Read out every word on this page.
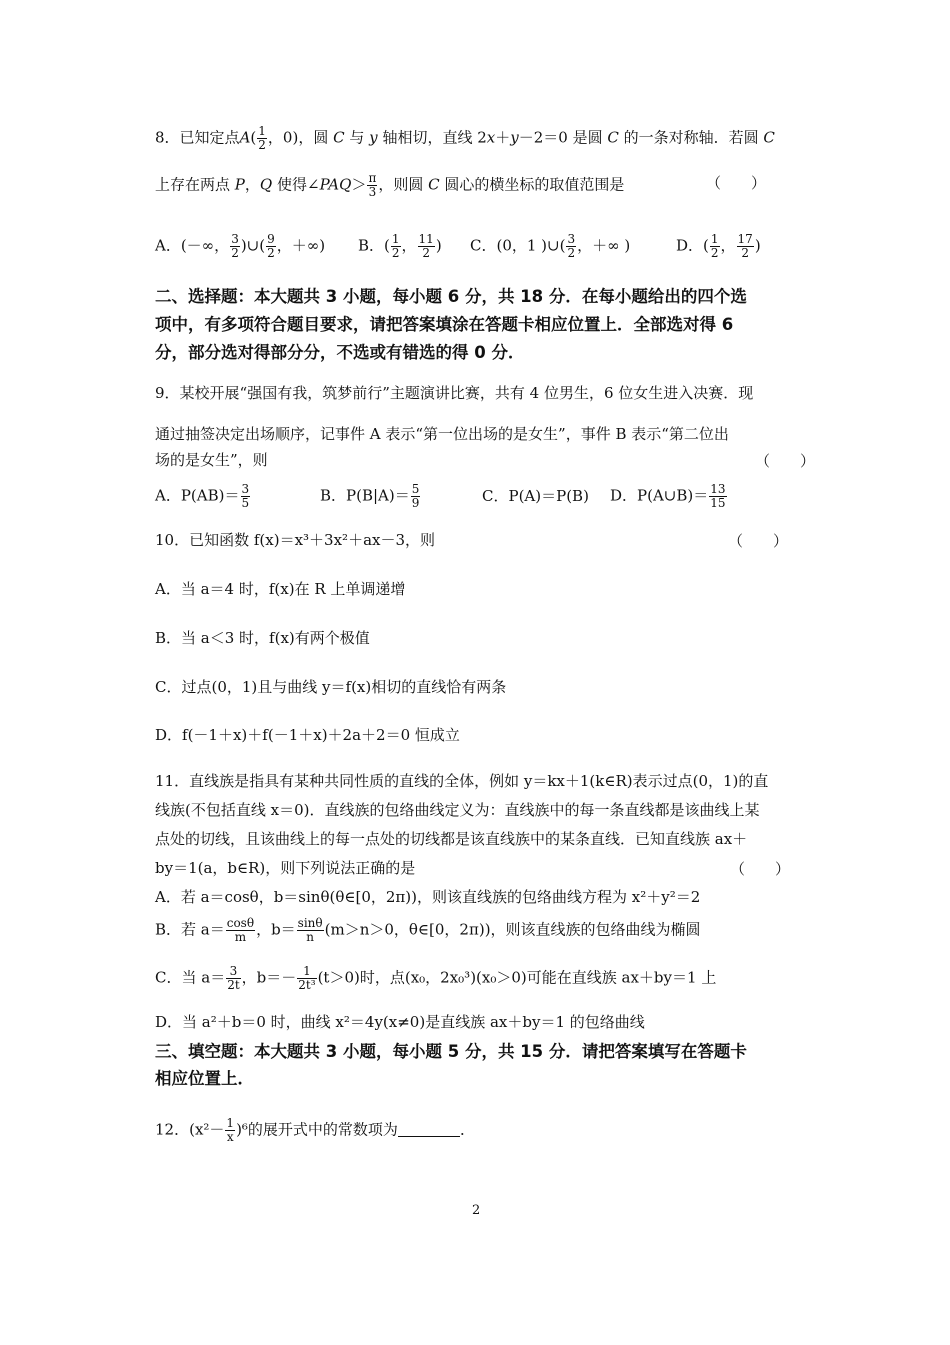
8．已知定点$A( \frac{1}{2}$ ，0)，圆 C 与 y 轴相切，直线 2x＋y－2＝0 是圆 C 的一条对称轴．若圆 C
上存在两点 P，Q 使得∠PAQ＞ $\frac{\pi}{3}$ ，则圆 C 圆心的横坐标的取值范围是	（　　）
A．(－∞， $\frac{3}{2}$ )∪( $\frac{9}{2}$ ，＋∞) B．( $\frac{1}{2}$ ， $\frac{11}{2}$ ) C．(0，1 )∪( $\frac{3}{2}$ ，＋∞ )	D．( $\frac{1}{2}$ ， $\frac{17}{2}$ )
二、选择题：本大题共 3 小题，每小题 6 分，共 18 分．在每小题给出的四个选
项中，有多项符合题目要求，请把答案填涂在答题卡相应位置上．全部选对得 6
分，部分选对得部分分，不选或有错选的得 0 分．
9．某校开展“强国有我，筑梦前行”主题演讲比赛，共有 4 位男生，6 位女生进入决赛．现
通过抽签决定出场顺序，记事件 A 表示“第一位出场的是女生”，事件 B 表示“第二位出
场的是女生”，则	（　　）
A．$P(AB)= \frac{3}{5}$	B．$P(B|A)= \frac{5}{9}$	C．P(A)＝P(B) D．P(A∪B)＝ $\frac{13}{15}$
10．已知函数 f(x)＝x³＋3x²＋ax－3，则	（　　）
A．当 a＝4 时，f(x)在 R 上单调递增
B．当 a＜3 时，f(x)有两个极值
C．过点(0，1)且与曲线 y＝f(x)相切的直线恰有两条
D．f(－1＋x)＋f(－1＋x)＋2a＋2＝0 恒成立
11．直线族是指具有某种共同性质的直线的全体，例如 y＝kx＋1(k∈R)表示过点(0，1)的直
线族(不包括直线 x＝0)．直线族的包络曲线定义为：直线族中的每一条直线都是该曲线上某
点处的切线，且该曲线上的每一点处的切线都是该直线族中的某条直线．已知直线族 ax＋
by＝1(a，b∈R)，则下列说法正确的是	（　　）
A．若 a＝cosθ，b＝sinθ(θ∈[0，2π))，则该直线族的包络曲线方程为 x²＋y²＝2
B．若 $a= \frac{\cos\theta}{m}$ ，$b= \frac{\sin\theta}{n} (m>n>0$，θ∈[0，2π))，则该直线族的包络曲线为椭圆
C．当 $a= \frac{3}{2t}$ ，$b=- \frac{1}{\text{2t³}} (t>0)$时，点(x₀，2x₀³)(x₀＞0)可能在直线族 ax＋by＝1 上
D．当 a²＋b＝0 时，曲线 x²＝4y(x≠0)是直线族 ax＋by＝1 的包络曲线
三、填空题：本大题共 3 小题，每小题 5 分，共 15 分．请把答案填写在答题卡
相应位置上．
12．$(x^2- \frac{1}{x} )^6$的展开式中的常数项为	．
2
